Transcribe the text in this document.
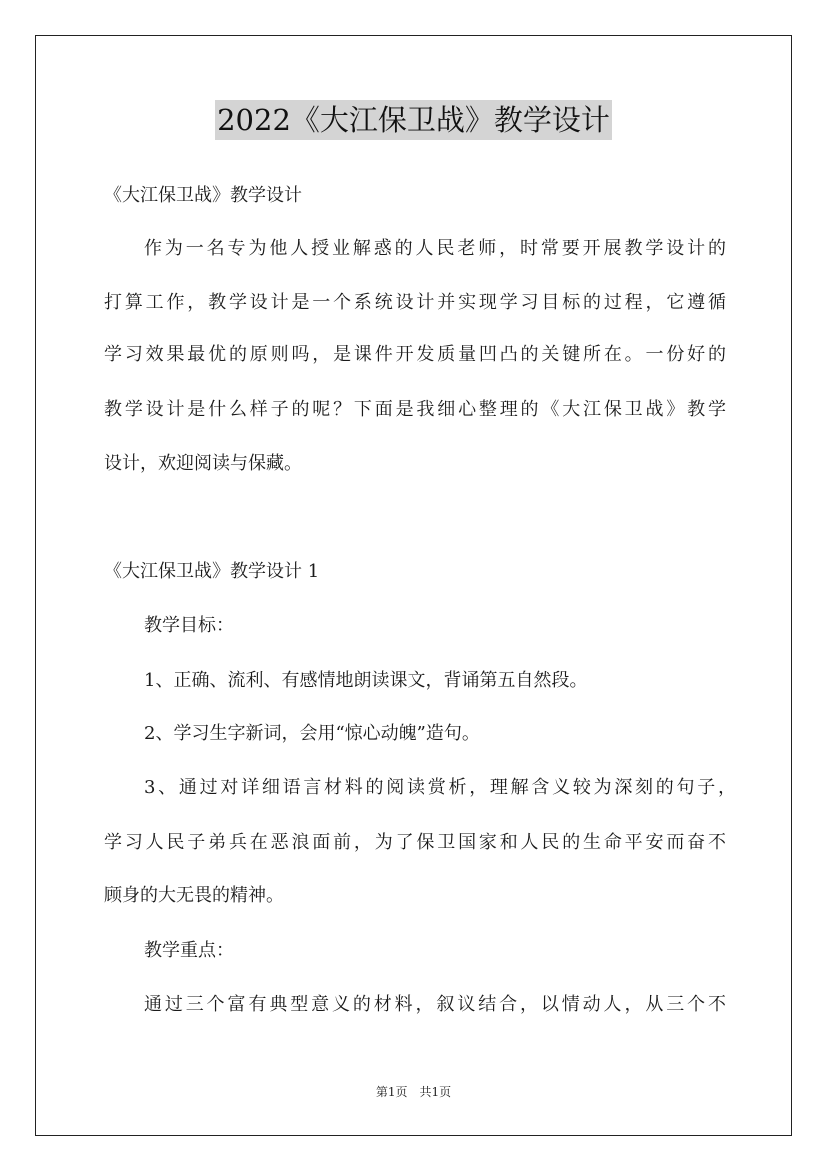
2022《大江保卫战》教学设计
《大江保卫战》教学设计
作为一名专为他人授业解惑的人民老师，时常要开展教学设计的
打算工作，教学设计是一个系统设计并实现学习目标的过程，它遵循
学习效果最优的原则吗，是课件开发质量凹凸的关键所在。一份好的
教学设计是什么样子的呢？下面是我细心整理的《大江保卫战》教学
设计，欢迎阅读与保藏。
《大江保卫战》教学设计 1
教学目标：
1、正确、流利、有感情地朗读课文，背诵第五自然段。
2、学习生字新词，会用“惊心动魄”造句。
3、通过对详细语言材料的阅读赏析，理解含义较为深刻的句子，
学习人民子弟兵在恶浪面前，为了保卫国家和人民的生命平安而奋不
顾身的大无畏的精神。
教学重点：
通过三个富有典型意义的材料，叙议结合，以情动人，从三个不
第1页　共1页
